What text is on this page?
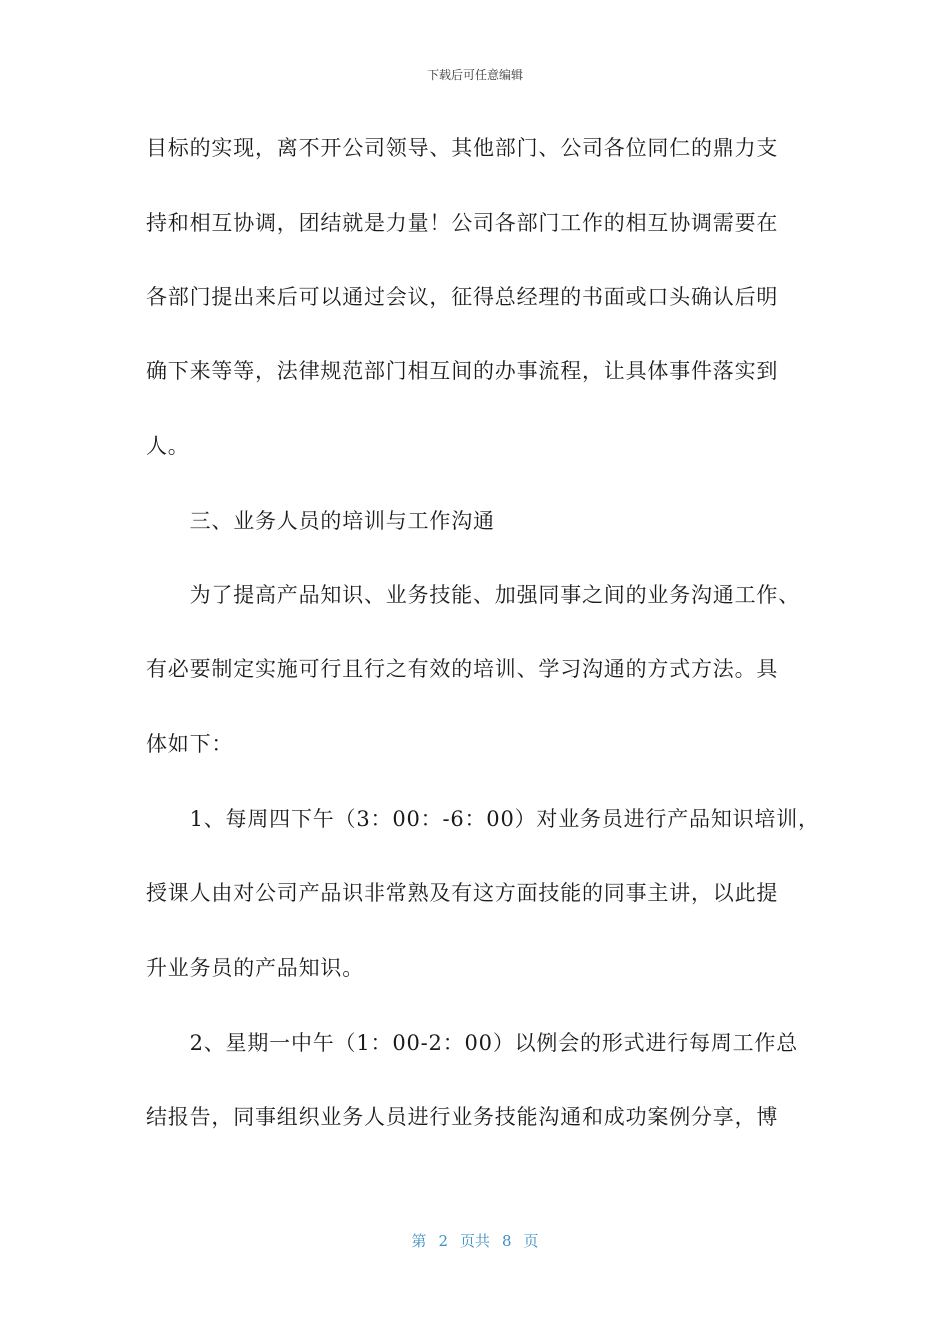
下载后可任意编辑
目标的实现，离不开公司领导、其他部门、公司各位同仁的鼎力支
持和相互协调，团结就是力量！公司各部门工作的相互协调需要在
各部门提出来后可以通过会议，征得总经理的书面或口头确认后明
确下来等等，法律规范部门相互间的办事流程，让具体事件落实到
人。
　　三、业务人员的培训与工作沟通
　　为了提高产品知识、业务技能、加强同事之间的业务沟通工作、
有必要制定实施可行且行之有效的培训、学习沟通的方式方法。具
体如下：
　　1、每周四下午（3：00：-6：00）对业务员进行产品知识培训，
授课人由对公司产品识非常熟及有这方面技能的同事主讲，以此提
升业务员的产品知识。
　　2、星期一中午（1：00-2：00）以例会的形式进行每周工作总
结报告，同事组织业务人员进行业务技能沟通和成功案例分享，博
第 2 页共 8 页
